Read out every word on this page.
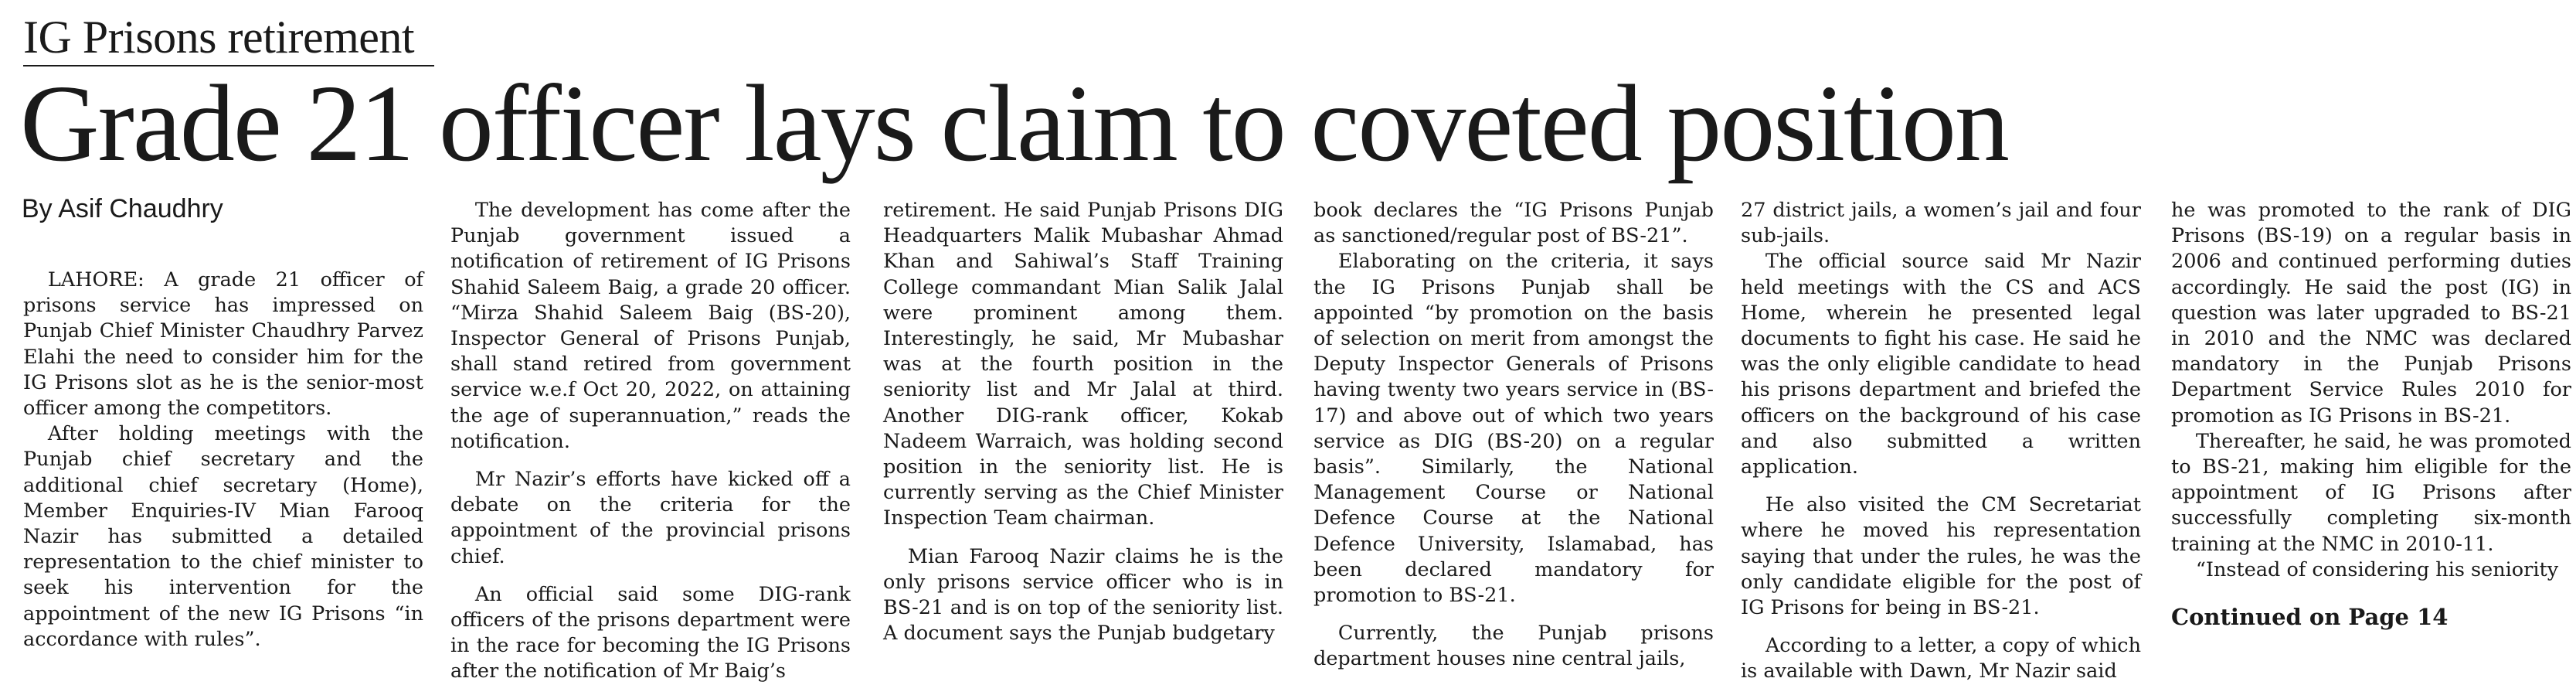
IG Prisons retirement
Grade 21 officer lays claim to coveted position
By Asif Chaudhry

LAHORE: A grade 21 officer of prisons service has impressed on Punjab Chief Minister Chaudhry Parvez Elahi the need to consider him for the IG Prisons slot as he is the senior-most officer among the competitors.

After holding meetings with the Punjab chief secretary and the additional chief secretary (Home), Member Enquiries-IV Mian Farooq Nazir has submitted a detailed representation to the chief minister to seek his intervention for the appointment of the new IG Prisons “in accordance with rules”.

The development has come after the Punjab government issued a notification of retirement of IG Prisons Shahid Saleem Baig, a grade 20 officer. “Mirza Shahid Saleem Baig (BS-20), Inspector General of Prisons Punjab, shall stand retired from government service w.e.f Oct 20, 2022, on attaining the age of superannuation,” reads the notification.

Mr Nazir’s efforts have kicked off a debate on the criteria for the appointment of the provincial prisons chief.

An official said some DIG-rank officers of the prisons department were in the race for becoming the IG Prisons after the notification of Mr Baig’s

retirement. He said Punjab Prisons DIG Headquarters Malik Mubashar Ahmad Khan and Sahiwal’s Staff Training College commandant Mian Salik Jalal were prominent among them. Interestingly, he said, Mr Mubashar was at the fourth position in the seniority list and Mr Jalal at third. Another DIG-rank officer, Kokab Nadeem Warraich, was holding second position in the seniority list. He is currently serving as the Chief Minister Inspection Team chairman.

Mian Farooq Nazir claims he is the only prisons service officer who is in BS-21 and is on top of the seniority list. A document says the Punjab budgetary

book declares the “IG Prisons Punjab as sanctioned/regular post of BS-21”.

Elaborating on the criteria, it says the IG Prisons Punjab shall be appointed “by promotion on the basis of selection on merit from amongst the Deputy Inspector Generals of Prisons having twenty two years service in (BS-17) and above out of which two years service as DIG (BS-20) on a regular basis”. Similarly, the National Management Course or National Defence Course at the National Defence University, Islamabad, has been declared mandatory for promotion to BS-21.

Currently, the Punjab prisons department houses nine central jails,

27 district jails, a women’s jail and four sub-jails.

The official source said Mr Nazir held meetings with the CS and ACS Home, wherein he presented legal documents to fight his case. He said he was the only eligible candidate to head his prisons department and briefed the officers on the background of his case and also submitted a written application.

He also visited the CM Secretariat where he moved his representation saying that under the rules, he was the only candidate eligible for the post of IG Prisons for being in BS-21.

According to a letter, a copy of which is available with Dawn, Mr Nazir said

he was promoted to the rank of DIG Prisons (BS-19) on a regular basis in 2006 and continued performing duties accordingly. He said the post (IG) in question was later upgraded to BS-21 in 2010 and the NMC was declared mandatory in the Punjab Prisons Department Service Rules 2010 for promotion as IG Prisons in BS-21.

Thereafter, he said, he was promoted to BS-21, making him eligible for the appointment of IG Prisons after successfully completing six-month training at the NMC in 2010-11.

“Instead of considering his seniority

Continued on Page 14
